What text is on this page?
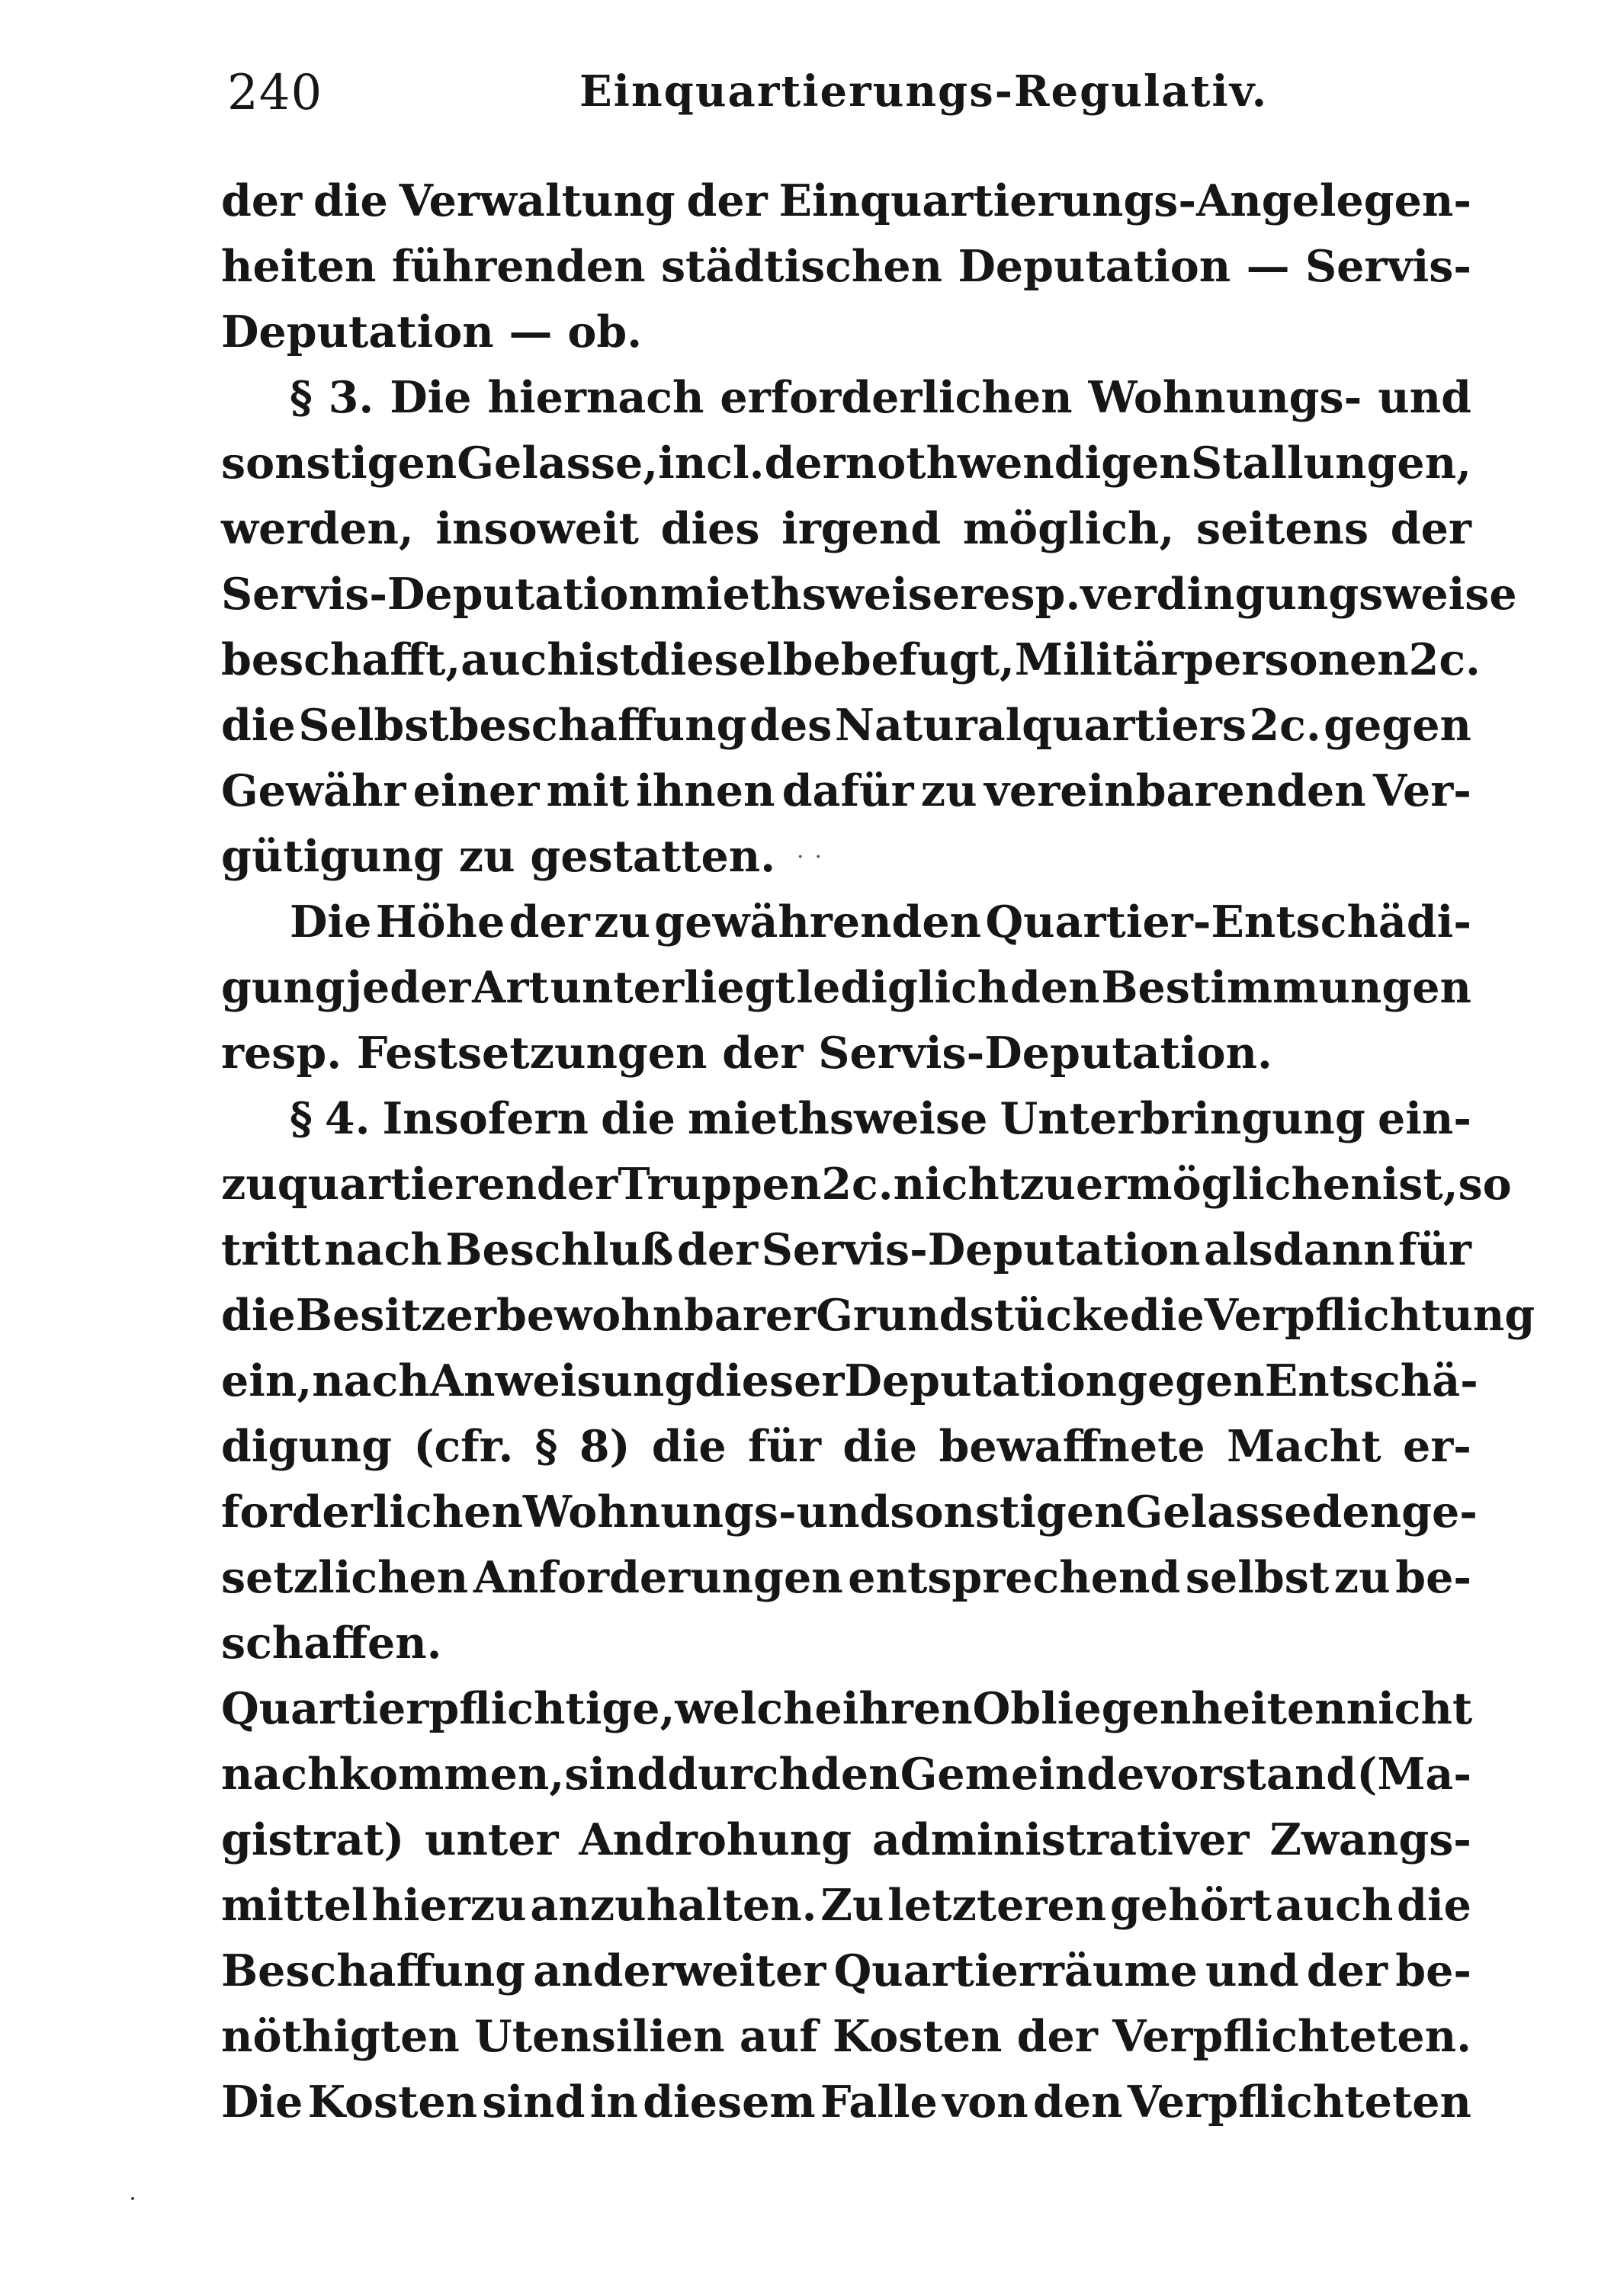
240	Einquartierungs-Regulativ.
der die Verwaltung der Einquartierungs-Angelegen-
heiten führenden städtischen Deputation — Servis-
Deputation — ob.
§ 3. Die hiernach erforderlichen Wohnungs- und
sonstigen Gelasse, incl. der nothwendigen Stallungen,
werden, insoweit dies irgend möglich, seitens der
Servis-Deputation miethsweise resp. verdingungsweise
beschafft, auch ist dieselbe befugt, Militärpersonen 2c.
die Selbstbeschaffung des Naturalquartiers 2c. gegen
Gewähr einer mit ihnen dafür zu vereinbarenden Ver-
gütigung zu gestatten.
Die Höhe der zu gewährenden Quartier-Entschädi-
gung jeder Art unterliegt lediglich den Bestimmungen
resp. Festsetzungen der Servis-Deputation.
§ 4. Insofern die miethsweise Unterbringung ein-
zuquartierender Truppen 2c. nicht zu ermöglichen ist, so
tritt nach Beschluß der Servis-Deputation alsdann für
die Besitzer bewohnbarer Grundstücke die Verpflichtung
ein, nach Anweisung dieser Deputation gegen Entschä-
digung (cfr. § 8) die für die bewaffnete Macht er-
forderlichen Wohnungs- und sonstigen Gelasse den ge-
setzlichen Anforderungen entsprechend selbst zu be-
schaffen.
Quartierpflichtige, welche ihren Obliegenheiten nicht
nachkommen, sind durch den Gemeindevorstand (Ma-
gistrat) unter Androhung administrativer Zwangs-
mittel hierzu anzuhalten. Zu letzteren gehört auch die
Beschaffung anderweiter Quartierräume und der be-
nöthigten Utensilien auf Kosten der Verpflichteten.
Die Kosten sind in diesem Falle von den Verpflichteten
··
